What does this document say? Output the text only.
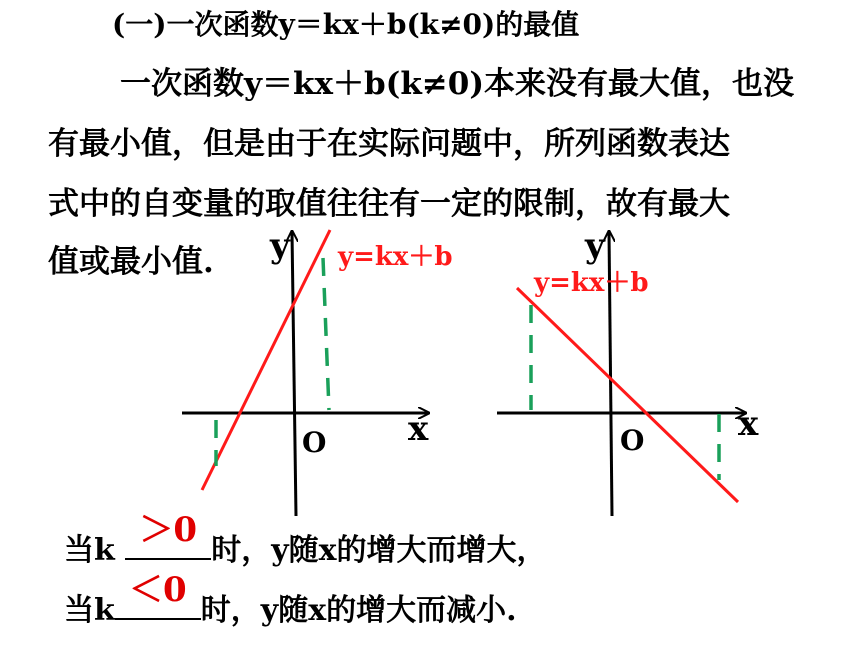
(一)一次函数y＝kx＋b(k≠0)的最值
一次函数y＝kx＋b(k≠0)本来没有最大值，也没
有最小值，但是由于在实际问题中，所列函数表达
式中的自变量的取值往往有一定的限制，故有最大
值或最小值. y
x
O
y=kx＋b	y
x
O
y=kx＋b
当k
＞0
时，y随x的增大而增大，
当k
＜0
时，y随x的增大而减小.
